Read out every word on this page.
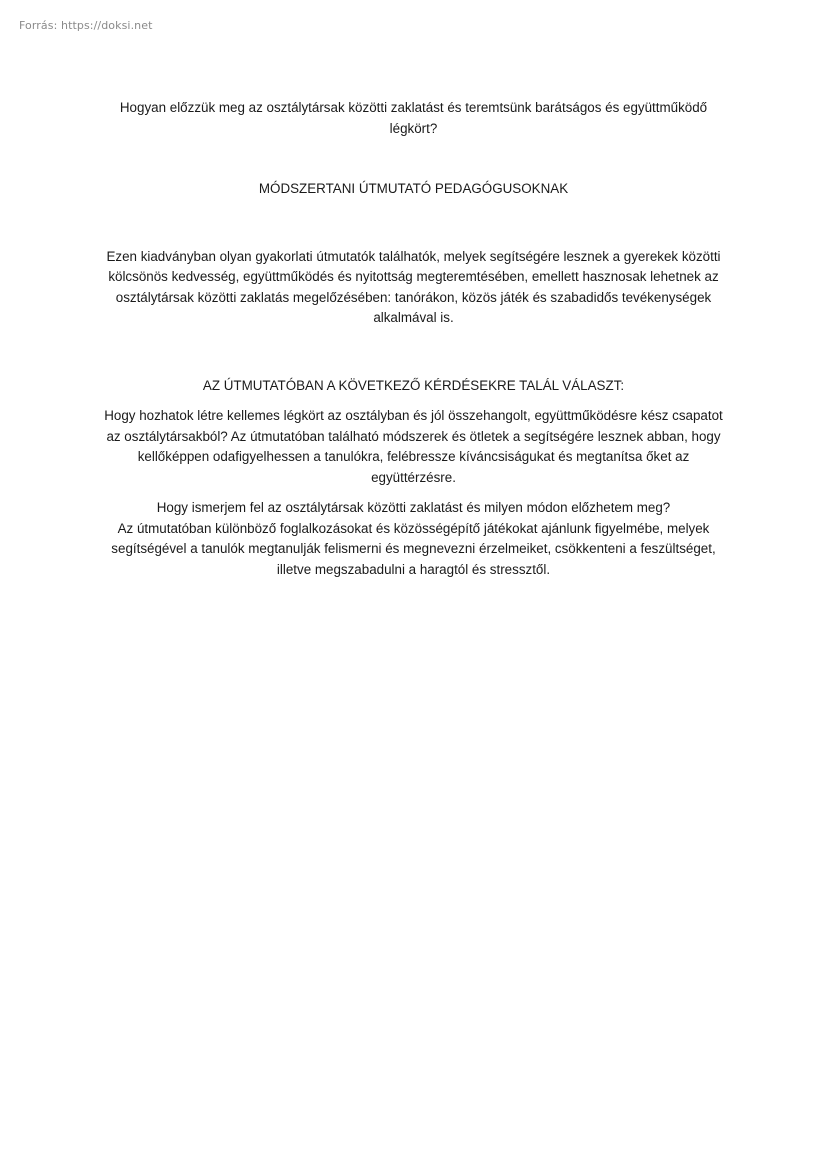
Forrás: https://doksi.net

Hogyan előzzük meg az osztálytársak közötti zaklatást és teremtsünk barátságos és együttműködő légkört?

MÓDSZERTANI ÚTMUTATÓ PEDAGÓGUSOKNAK

Ezen kiadványban olyan gyakorlati útmutatók találhatók, melyek segítségére lesznek a gyerekek közötti kölcsönös kedvesség, együttműködés és nyitottság megteremtésében, emellett hasznosak lehetnek az osztálytársak közötti zaklatás megelőzésében: tanórákon, közös játék és szabadidős tevékenységek alkalmával is.

AZ ÚTMUTATÓBAN A KÖVETKEZŐ KÉRDÉSEKRE TALÁL VÁLASZT:

Hogy hozhatok létre kellemes légkört az osztályban és jól összehangolt, együttműködésre kész csapatot az osztálytársakból? Az útmutatóban található módszerek és ötletek a segítségére lesznek abban, hogy kellőképpen odafigyelhessen a tanulókra, felébressze kíváncsiságukat és megtanítsa őket az együttérzésre.

Hogy ismerjem fel az osztálytársak közötti zaklatást és milyen módon előzhetem meg?

Az útmutatóban különböző foglalkozásokat és közösségépítő játékokat ajánlunk figyelmébe, melyek segítségével a tanulók megtanulják felismerni és megnevezni érzelmeiket, csökkenteni a feszültséget, illetve megszabadulni a haragtól és stressztől.
